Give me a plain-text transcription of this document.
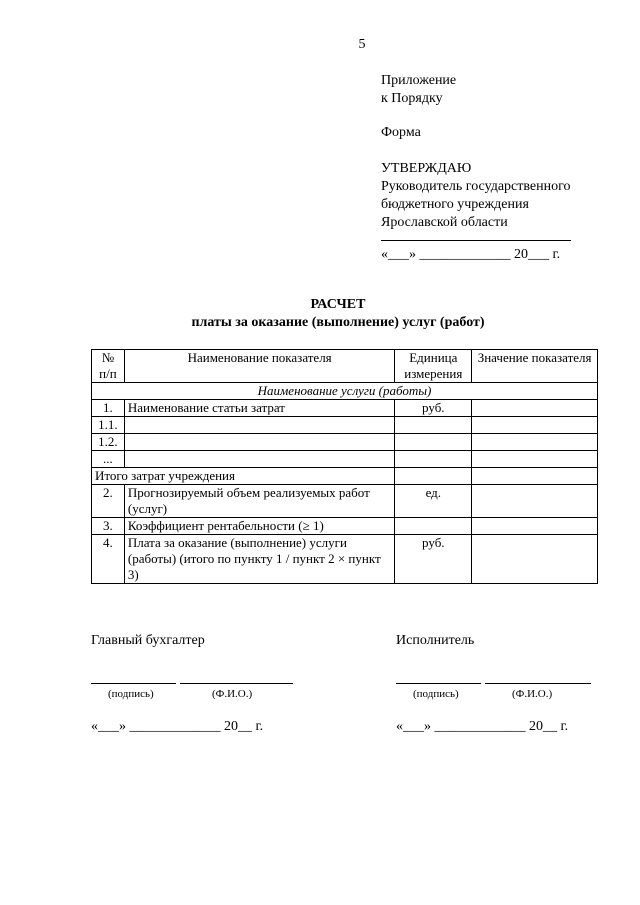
5
Приложение
к Порядку
Форма
УТВЕРЖДАЮ
Руководитель государственного
бюджетного учреждения
Ярославской области
«___» _____________ 20___ г.
РАСЧЕТ
платы за оказание (выполнение) услуг (работ)
№ п/п	Наименование показателя	Единица измерения	Значение показателя
Наименование услуги (работы)			
1.	Наименование статьи затрат	руб.	
1.1.			
1.2.			
...			
Итого затрат учреждения			
2.	Прогнозируемый объем реализуемых работ (услуг)	ед.	
3.	Коэффициент рентабельности (≥ 1)		
4.	Плата за оказание (выполнение) услуги (работы) (итого по пункту 1 / пункт 2 × пункт 3)	руб.	
Главный бухгалтер
(подпись)	(Ф.И.О.)
«___» _____________ 20__ г.
Исполнитель
(подпись)	(Ф.И.О.)
«___» _____________ 20__ г.
